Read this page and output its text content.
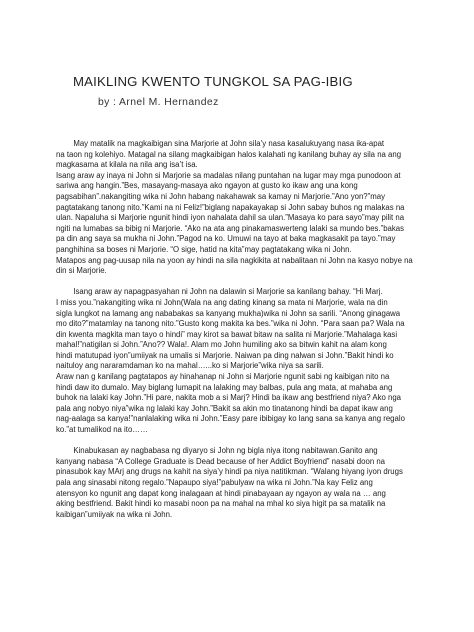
MAIKLING KWENTO TUNGKOL SA PAG-IBIG
by : Arnel M. Hernandez
May matalik na magkaibigan sina Marjorie at John sila’y nasa kasalukuyang nasa ika-apat
na taon ng kolehiyo. Matagal na silang magkaibigan halos kalahati ng kanilang buhay ay sila na ang
magkasama at kilala na nila ang isa’t isa.
Isang araw ay inaya ni John si Marjorie sa madalas nilang puntahan na lugar may mga punodoon at
sariwa ang hangin.”Bes, masayang-masaya ako ngayon at gusto ko ikaw ang una kong
pagsabihan”.nakangiting wika ni John habang nakahawak sa kamay ni Marjorie.”Ano yon?”may
pagtatakang tanong nito.”Kami na ni Feliz!”biglang napakayakap si John sabay buhos ng malakas na
ulan. Napaluha si Marjorie ngunit hindi iyon nahalata dahil sa ulan.”Masaya ko para sayo”may pilit na
ngiti na lumabas sa bibig ni Marjorie. “Ako na ata ang pinakamaswerteng lalaki sa mundo bes.”bakas
pa din ang saya sa mukha ni John.”Pagod na ko. Umuwi na tayo at baka magkasakit pa tayo.”may
panghihina sa boses ni Marjorie. “O sige, hatid na kita”may pagtatakang wika ni John.
Matapos ang pag-uusap nila na yoon ay hindi na sila nagkikita at nabalitaan ni John na kasyo nobye na
din si Marjorie.
Isang araw ay napagpasyahan ni John na dalawin si Marjorie sa kanilang bahay. “Hi Marj.
I miss you.”nakangiting wika ni John(Wala na ang dating kinang sa mata ni Marjorie, wala na din
sigla lungkot na lamang ang nababakas sa kanyang mukha)wika ni John sa sarili. “Anong ginagawa
mo dito?”matamlay na tanong nito.”Gusto kong makita ka bes.”wika ni John. “Para saan pa? Wala na
din kwenta magkita man tayo o hindi” may kirot sa bawat bitaw na salita ni Marjorie.”Mahalaga kasi
mahal!”natigilan si John.”Ano?? Wala!. Alam mo John humiling ako sa bitwin kahit na alam kong
hindi matutupad iyon”umiiyak na umalis si Marjorie. Naiwan pa ding nalwan si John.”Bakit hindi ko
naituloy ang nararamdaman ko na mahal…...ko si Marjorie”wika niya sa sarili.
Araw nan g kanilang pagtatapos ay hinahanap ni John si Marjorie ngunit sabi ng kaibigan nito na
hindi daw ito dumalo. May biglang lumapit na lalaking may balbas, pula ang mata, at mahaba ang
buhok na lalaki kay John.”Hi pare, nakita mob a si Marj? Hindi ba ikaw ang bestfriend niya? Ako nga
pala ang nobyo niya”wika ng lalaki kay John.”Bakit sa akin mo tinatanong hindi ba dapat ikaw ang
nag-aalaga sa kanya!”nanlalaking wika ni John.”Easy pare ibibigay ko lang sana sa kanya ang regalo
ko.”at tumalikod na ito……
Kinabukasan ay nagbabasa ng diyaryo si John ng bigla niya itong nabitawan.Ganito ang
kanyang nabasa “A College Graduate is Dead because of her Addict Boyfriend” nasabi doon na
pinasubok kay MArj ang drugs na kahit na siya’y hindi pa niya natitikman. “Walang hiyang iyon drugs
pala ang sinasabi nitong regalo.”Napaupo siya!”pabulyaw na wika ni John.”Na kay Feliz ang
atensyon ko ngunit ang dapat kong inalagaan at hindi pinabayaan ay ngayon ay wala na … ang
aking bestfriend. Bakit hindi ko masabi noon pa na mahal na mhal ko siya higit pa sa matalik na
kaibigan”umiiyak na wika ni John.
